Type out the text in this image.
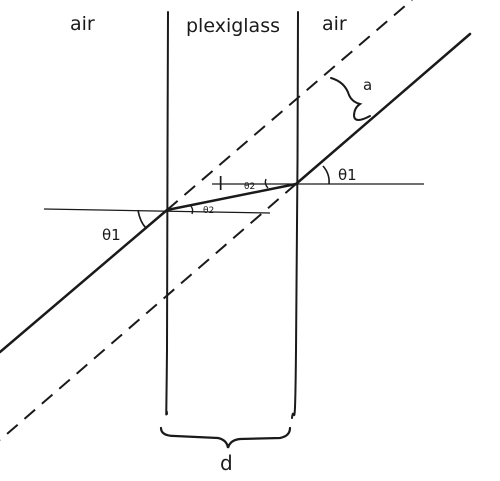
air	plexiglass air
θ1
θ1
θ2
θ2
l
a
d
